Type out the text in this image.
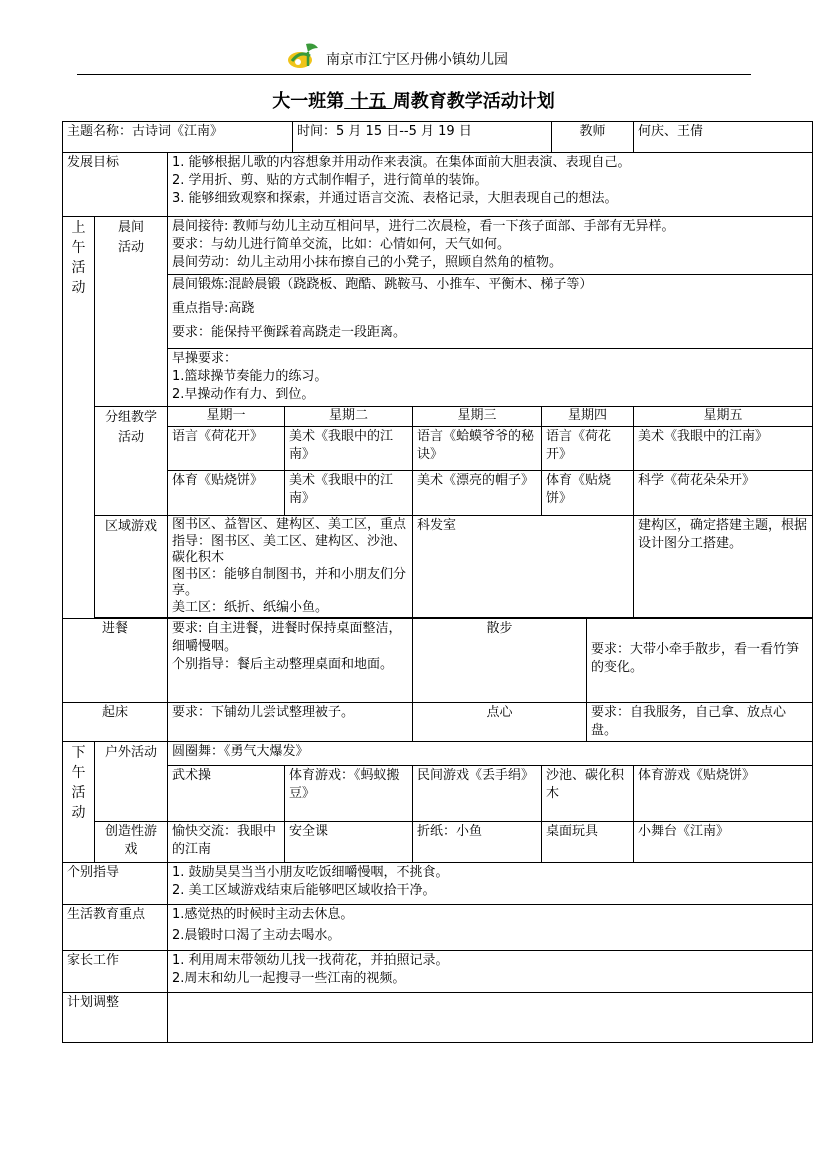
南京市江宁区丹佛小镇幼儿园
大一班第 十五 周教育教学活动计划
主题名称：古诗词《江南》				时间：5 月 15 日--5 月 19 日			教师		何庆、王倩
发展目标		1. 能够根据儿歌的内容想象并用动作来表演。在集体面前大胆表演、表现自己。
2. 学用折、剪、贴的方式制作帽子，进行简单的装饰。
3. 能够细致观察和探索，并通过语言交流、表格记录，大胆表现自己的想法。							

上午活动	晨间活动	晨间接待: 教师与幼儿主动互相问早，进行二次晨检，看一下孩子面部、手部有无异样。
要求：与幼儿进行简单交流，比如：心情如何，天气如何。
晨间劳动：幼儿主动用小抹布擦自己的小凳子，照顾自然角的植物。							

		晨间锻炼:混龄晨锻（跷跷板、跑酷、跳鞍马、小推车、平衡木、梯子等）
重点指导:高跷
要求：能保持平衡踩着高跷走一段距离。							

		早操要求：
1.篮球操节奏能力的练习。
2.早操动作有力、到位。							

	分组教学活动	星期一	星期二		星期三	星期四			星期五
		语言《荷花开》	美术《我眼中的江南》		语言《蛤蟆爷爷的秘诀》	语言《荷花开》			美术《我眼中的江南》
		体育《贴烧饼》	美术《我眼中的江南》		美术《漂亮的帽子》	体育《贴烧饼》			科学《荷花朵朵开》
	区域游戏	图书区、益智区、建构区、美工区，重点指导：图书区、美工区、建构区、沙池、碳化积木
图书区：能够自制图书，并和小朋友们分享。
美工区：纸折、纸编小鱼。			科发室				建构区，确定搭建主题，根据设计图分工搭建。

进餐		要求: 自主进餐，进餐时保持桌面整洁，细嚼慢咽。
个别指导：餐后主动整理桌面和地面。			散步			要求：大带小牵手散步，看一看竹笋的变化。	
起床		要求：下铺幼儿尝试整理被子。			点心			要求：自我服务，自己拿、放点心盘。	
下午活动	户外活动	圆圈舞：《勇气大爆发》							
		武术操	体育游戏：《蚂蚁搬豆》		民间游戏《丢手绢》	沙池、碳化积木			体育游戏《贴烧饼》
	创造性游戏	愉快交流：我眼中的江南	安全课		折纸：小鱼	桌面玩具			小舞台《江南》
个别指导		1. 鼓励昊昊当当小朋友吃饭细嚼慢咽，不挑食。
2. 美工区域游戏结束后能够吧区域收拾干净。							

生活教育重点		1.感觉热的时候时主动去休息。
2.晨锻时口渴了主动去喝水。							

家长工作		1. 利用周末带领幼儿找一找荷花，并拍照记录。
2.周末和幼儿一起搜寻一些江南的视频。							

计划调整									
